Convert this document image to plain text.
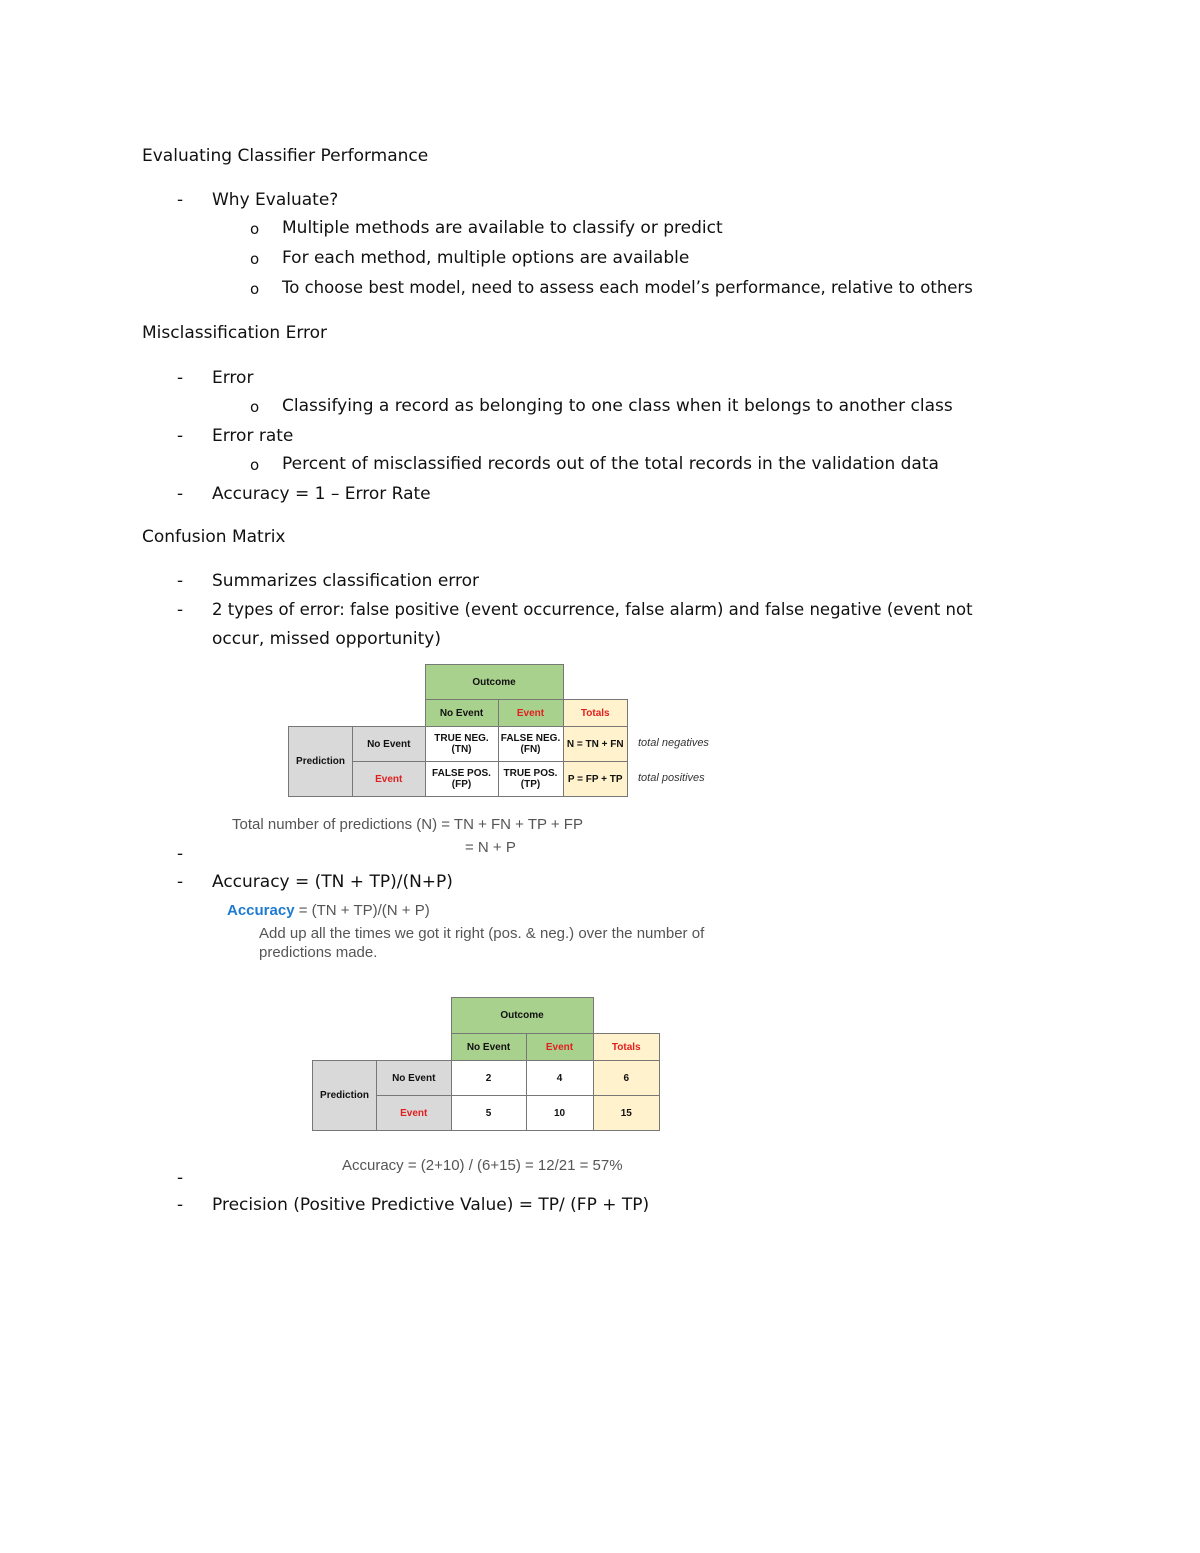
Evaluating Classifier Performance
- Why Evaluate?
o Multiple methods are available to classify or predict
o For each method, multiple options are available
o To choose best model, need to assess each model’s performance, relative to others
Misclassification Error
- Error
o Classifying a record as belonging to one class when it belongs to another class
- Error rate
o Percent of misclassified records out of the total records in the validation data
- Accuracy = 1 – Error Rate
Confusion Matrix
- Summarizes classification error
- 2 types of error: false positive (event occurrence, false alarm) and false negative (event not
occur, missed opportunity)
		Outcome		
		No Event	Event	Totals
Prediction	No Event	TRUE NEG. (TN)	FALSE NEG. (FN)	N = TN + FN
	Event	FALSE POS. (FP)	TRUE POS. (TP)	P = FP + TP
total negatives
total positives
Total number of predictions (N) = TN + FN + TP + FP
= N + P
-
- Accuracy = (TN + TP)/(N+P)
Accuracy = (TN + TP)/(N + P)
Add up all the times we got it right (pos. & neg.) over the number of
predictions made.
		Outcome		
		No Event	Event	Totals
Prediction	No Event	2	4	6
	Event	5	10	15
Accuracy = (2+10) / (6+15) = 12/21 = 57%
-
- Precision (Positive Predictive Value) = TP/ (FP + TP)
